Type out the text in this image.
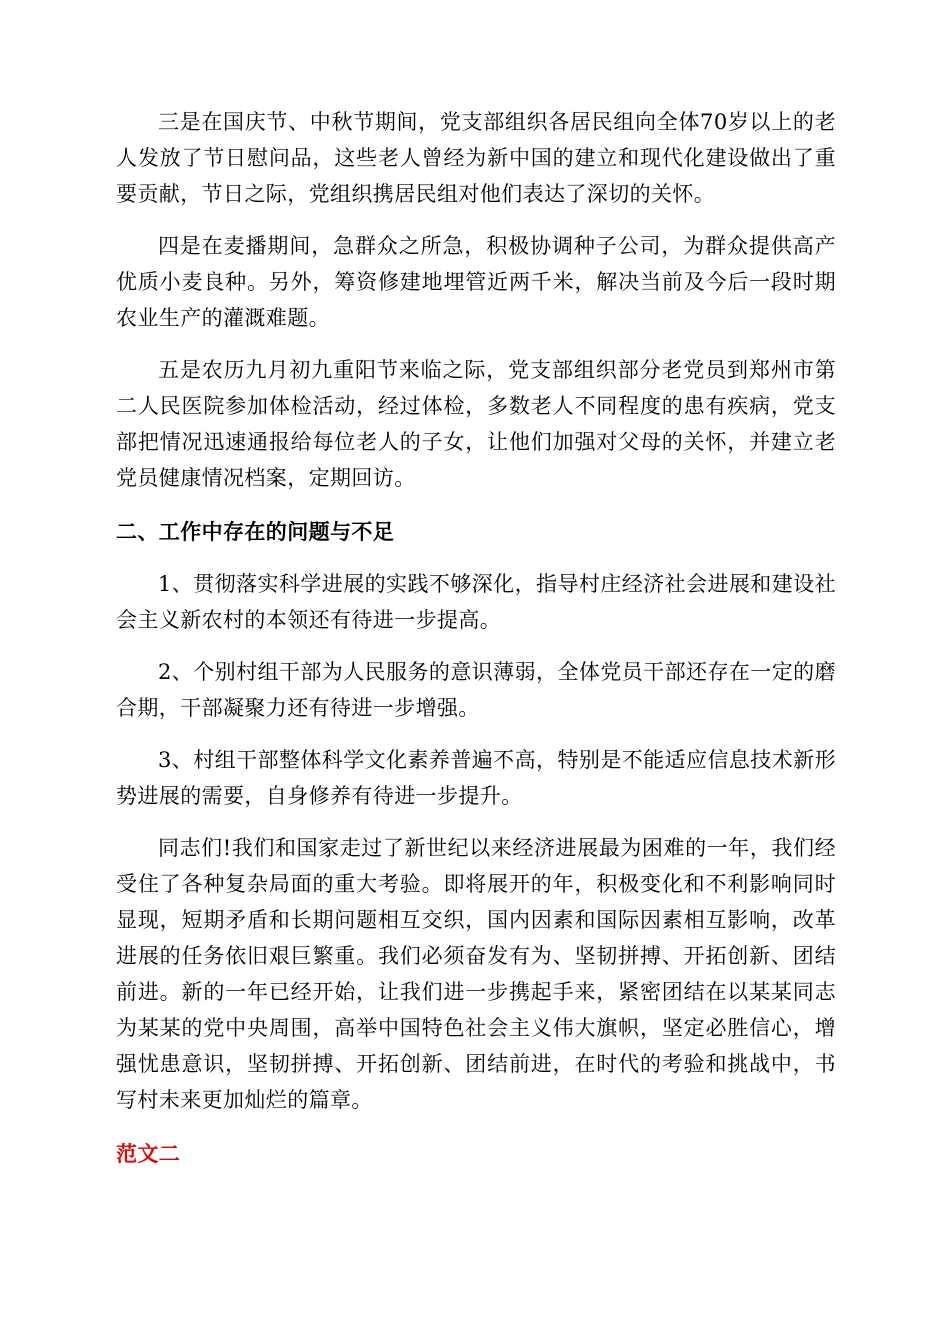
三是在国庆节、中秋节期间，党支部组织各居民组向全体70岁以上的老人发放了节日慰问品，这些老人曾经为新中国的建立和现代化建设做出了重要贡献，节日之际，党组织携居民组对他们表达了深切的关怀。

四是在麦播期间，急群众之所急，积极协调种子公司，为群众提供高产优质小麦良种。另外，筹资修建地埋管近两千米，解决当前及今后一段时期农业生产的灌溉难题。

五是农历九月初九重阳节来临之际，党支部组织部分老党员到郑州市第二人民医院参加体检活动，经过体检，多数老人不同程度的患有疾病，党支部把情况迅速通报给每位老人的子女，让他们加强对父母的关怀，并建立老党员健康情况档案，定期回访。

二、工作中存在的问题与不足

1、贯彻落实科学进展的实践不够深化，指导村庄经济社会进展和建设社会主义新农村的本领还有待进一步提高。

2、个别村组干部为人民服务的意识薄弱，全体党员干部还存在一定的磨合期，干部凝聚力还有待进一步增强。

3、村组干部整体科学文化素养普遍不高，特别是不能适应信息技术新形势进展的需要，自身修养有待进一步提升。

同志们!我们和国家走过了新世纪以来经济进展最为困难的一年，我们经受住了各种复杂局面的重大考验。即将展开的年，积极变化和不利影响同时显现，短期矛盾和长期问题相互交织，国内因素和国际因素相互影响，改革进展的任务依旧艰巨繁重。我们必须奋发有为、坚韧拼搏、开拓创新、团结前进。新的一年已经开始，让我们进一步携起手来，紧密团结在以某某同志为某某的党中央周围，高举中国特色社会主义伟大旗帜，坚定必胜信心，增强忧患意识，坚韧拼搏、开拓创新、团结前进，在时代的考验和挑战中，书写村未来更加灿烂的篇章。

范文二
